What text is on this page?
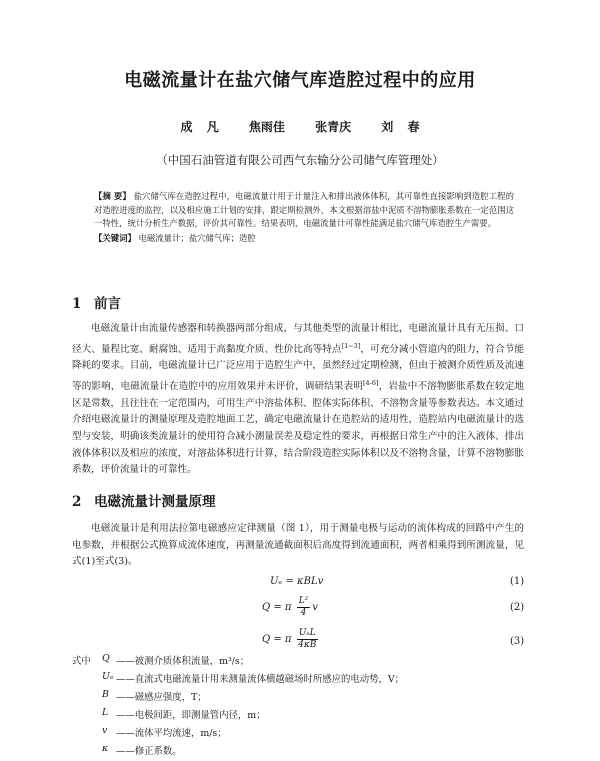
电磁流量计在盐穴储气库造腔过程中的应用
成 凡	焦雨佳	张青庆	刘 春
（中国石油管道有限公司西气东输分公司储气库管理处）
【摘 要】 盐穴储气库在造腔过程中，电磁流量计用于计量注入和排出液体体积，其可靠性直接影响到造腔工程的对造腔进度的监控，以及相应施工计划的安排，跟定期检测外，本文根据溶盐中泥质不溶物膨胀系数在一定范围这一特性，统计分析生产数据，评价其可靠性。结果表明，电磁流量计可靠性能满足盐穴储气库造腔生产需要。
【关键词】 电磁流量计；盐穴储气库；造腔
1 前言
电磁流量计由流量传感器和转换器两部分组成，与其他类型的流量计相比，电磁流量计具有无压损、口径大、量程比宽、耐腐蚀、适用于高黏度介质、性价比高等特点[1~3]，可充分减小管道内的阻力，符合节能降耗的要求。目前，电磁流量计已广泛应用于造腔生产中，虽然经过定期检测，但由于被测介质性质及流速等的影响，电磁流量计在造腔中的应用效果并未评价，调研结果表明[4-6]，岩盐中不溶物膨胀系数在较定地区是常数，且往往在一定范围内，可用生产中溶盐体积、腔体实际体积、不溶物含量等参数表达。本文通过介绍电磁流量计的测量原理及造腔地面工艺，确定电磁流量计在造腔站的适用性，造腔站内电磁流量计的选型与安装，明确该类流量计的使用符合减小测量误差及稳定性的要求，再根据日常生产中的注入液体、排出液体体积以及相应的浓度，对溶盐体积进行计算，结合阶段造腔实际体积以及不溶物含量，计算不溶物膨胀系数，评价流量计的可靠性。
2 电磁流量计测量原理
电磁流量计是利用法拉第电磁感应定律测量（图 1），用于测量电极与运动的流体构成的回路中产生的电参数，并根据公式换算成流体速度，再测量流通截面积后高度得到流通面积，两者相乘得到所测流量，见式(1)至式(3)。
Uₑ = κBLv	(1)
Q = π $\frac{\text{L²}}{4}$ v	(2)
Q = π $\frac{\text{UₑL}}{4\kappa B}$	(3)
式中 Q ——被测介质体积流量，m³/s；
Uₑ ——直流式电磁流量计用来测量流体横越磁场时所感应的电动势，V；
B ——磁感应强度，T；
L ——电极间距，即测量管内径，m；
v ——流体平均流速，m/s；
κ ——修正系数。
